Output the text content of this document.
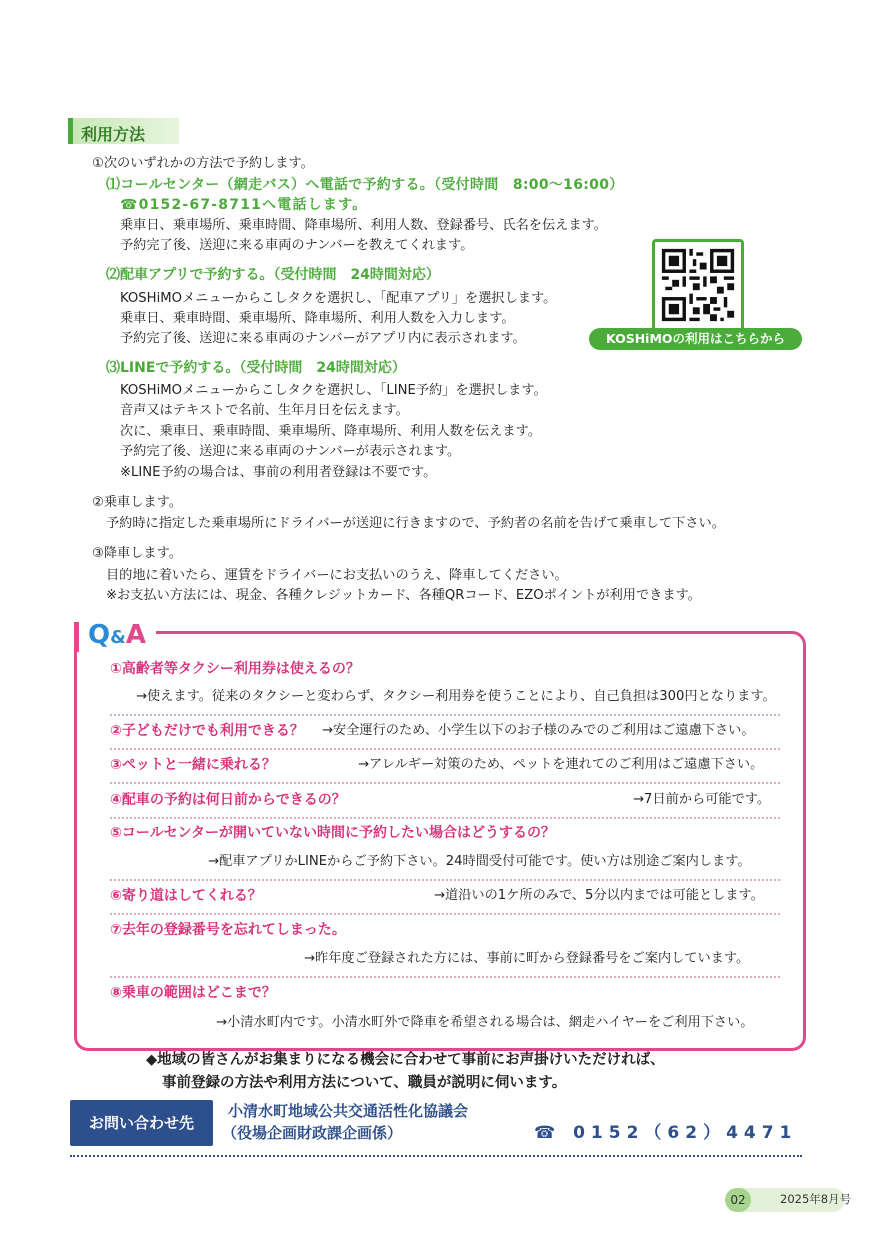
利用方法
①次のいずれかの方法で予約します。
⑴コールセンター（網走バス）へ電話で予約する。（受付時間　8:00～16:00）
☎0152-67-8711へ電話します。
乗車日、乗車場所、乗車時間、降車場所、利用人数、登録番号、氏名を伝えます。
予約完了後、送迎に来る車両のナンバーを教えてくれます。
⑵配車アプリで予約する。（受付時間　24時間対応）
KOSHiMOメニューからこしタクを選択し、「配車アプリ」を選択します。
乗車日、乗車時間、乗車場所、降車場所、利用人数を入力します。
予約完了後、送迎に来る車両のナンバーがアプリ内に表示されます。	KOSHiMOの利用はこちらから
⑶LINEで予約する。（受付時間　24時間対応）
KOSHiMOメニューからこしタクを選択し、「LINE予約」を選択します。
音声又はテキストで名前、生年月日を伝えます。
次に、乗車日、乗車時間、乗車場所、降車場所、利用人数を伝えます。
予約完了後、送迎に来る車両のナンバーが表示されます。
※LINE予約の場合は、事前の利用者登録は不要です。
②乗車します。
予約時に指定した乗車場所にドライバーが送迎に行きますので、予約者の名前を告げて乗車して下さい。
③降車します。
目的地に着いたら、運賃をドライバーにお支払いのうえ、降車してください。
※お支払い方法には、現金、各種クレジットカード、各種QRコード、EZOポイントが利用できます。
Q&A
①高齢者等タクシー利用券は使えるの？
→使えます。従来のタクシーと変わらず、タクシー利用券を使うことにより、自己負担は300円となります。
②子どもだけでも利用できる？ →安全運行のため、小学生以下のお子様のみでのご利用はご遠慮下さい。
③ペットと一緒に乗れる？	→アレルギー対策のため、ペットを連れてのご利用はご遠慮下さい。
④配車の予約は何日前からできるの？	→7日前から可能です。
⑤コールセンターが開いていない時間に予約したい場合はどうするの？
→配車アプリかLINEからご予約下さい。24時間受付可能です。使い方は別途ご案内します。
⑥寄り道はしてくれる？	→道沿いの1ケ所のみで、5分以内までは可能とします。
⑦去年の登録番号を忘れてしまった。
→昨年度ご登録された方には、事前に町から登録番号をご案内しています。
⑧乗車の範囲はどこまで？
→小清水町内です。小清水町外で降車を希望される場合は、網走ハイヤーをご利用下さい。
◆地域の皆さんがお集まりになる機会に合わせて事前にお声掛けいただければ、
事前登録の方法や利用方法について、職員が説明に伺います。
お問い合わせ先
小清水町地域公共交通活性化協議会
（役場企画財政課企画係）	☎ 0152（62）4471
02	2025年8月号
